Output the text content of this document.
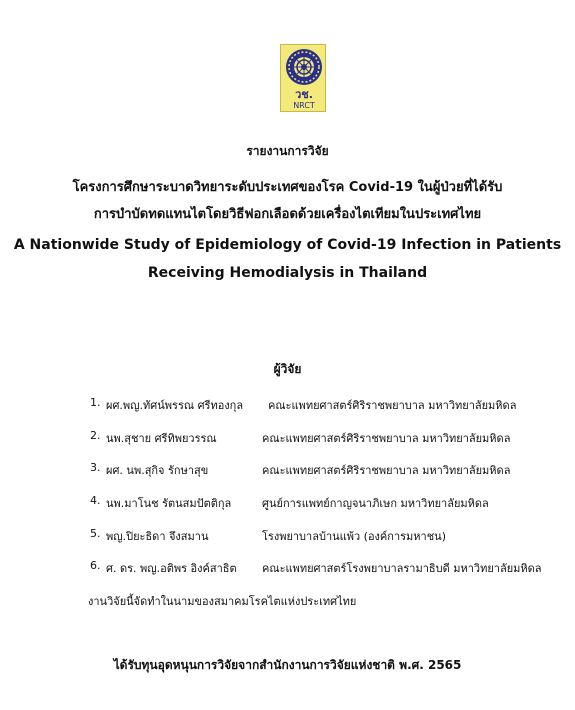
วช.
NRCT
รายงานการวิจัย
โครงการศึกษาระบาดวิทยาระดับประเทศของโรค Covid-19 ในผู้ป่วยที่ได้รับ
การบำบัดทดแทนไตโดยวิธีฟอกเลือดด้วยเครื่องไตเทียมในประเทศไทย
A Nationwide Study of Epidemiology of Covid-19 Infection in Patients
Receiving Hemodialysis in Thailand
ผู้วิจัย
1. ผศ.พญ.ทัศน์พรรณ ศรีทองกุล คณะแพทยศาสตร์ศิริราชพยาบาล มหาวิทยาลัยมหิดล
2. นพ.สุชาย ศรีทิพยวรรณ	คณะแพทยศาสตร์ศิริราชพยาบาล มหาวิทยาลัยมหิดล
3. ผศ. นพ.สุกิจ รักษาสุข	คณะแพทยศาสตร์ศิริราชพยาบาล มหาวิทยาลัยมหิดล
4. นพ.มาโนช รัตนสมปัตติกุล	ศูนย์การแพทย์กาญจนาภิเษก มหาวิทยาลัยมหิดล
5. พญ.ปิยะธิดา จึงสมาน	โรงพยาบาลบ้านแพ้ว (องค์การมหาชน)
6. ศ. ดร. พญ.อติพร อิงค์สาธิต คณะแพทยศาสตร์โรงพยาบาลรามาธิบดี มหาวิทยาลัยมหิดล
งานวิจัยนี้จัดทำในนามของสมาคมโรคไตแห่งประเทศไทย
ได้รับทุนอุดหนุนการวิจัยจากสำนักงานการวิจัยแห่งชาติ พ.ศ. 2565
